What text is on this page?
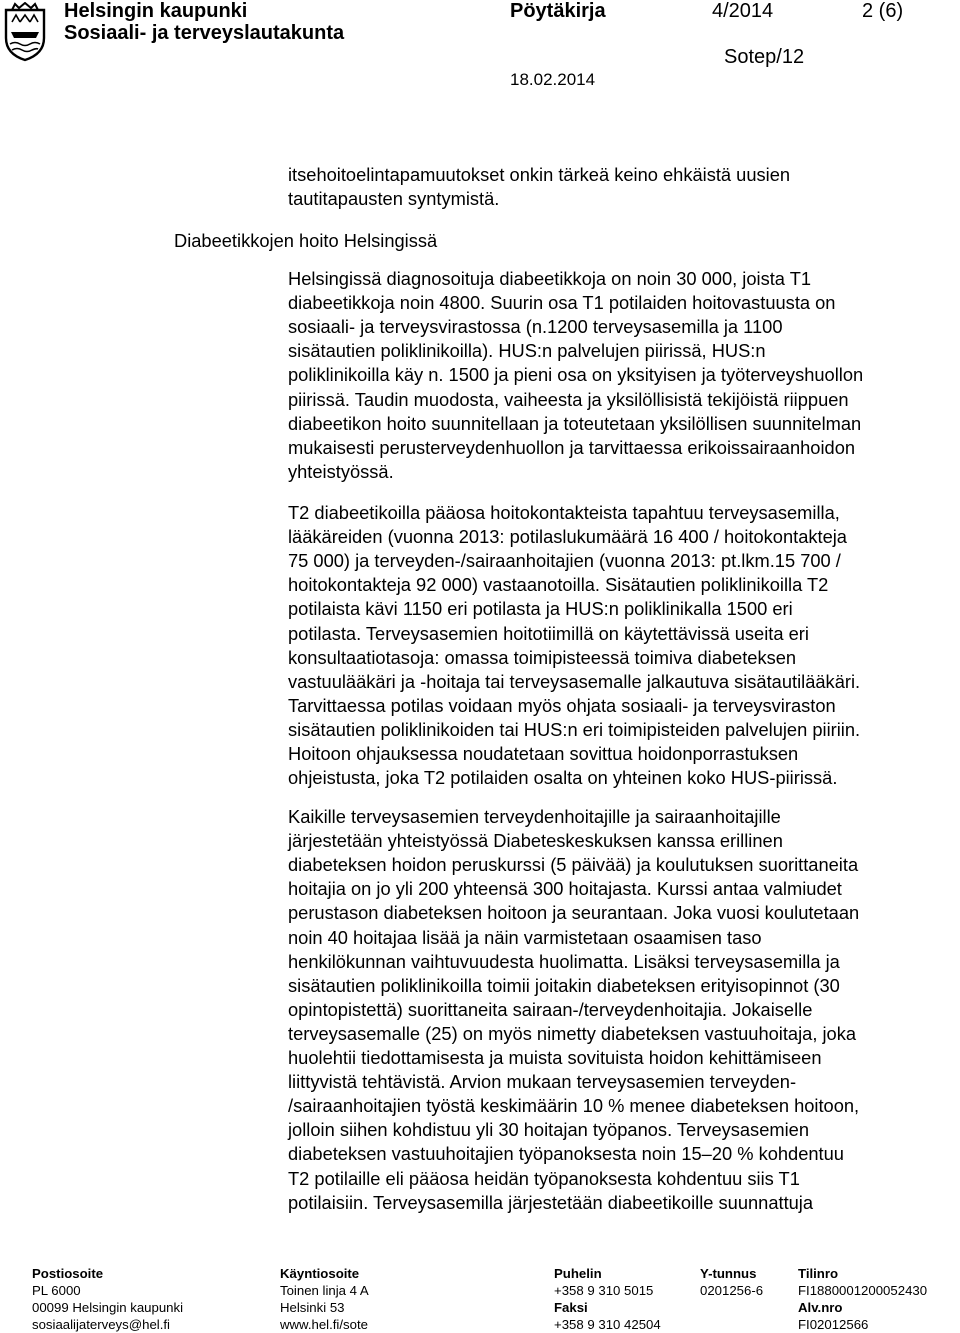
Helsingin kaupunki
Sosiaali- ja terveyslautakunta
Pöytäkirja	4/2014	2 (6)
Sotep/12
18.02.2014
itsehoitoelintapamuutokset onkin tärkeä keino ehkäistä uusien
tautitapausten syntymistä.
Diabeetikkojen hoito Helsingissä
Helsingissä diagnosoituja diabeetikkoja on noin 30 000, joista T1
diabeetikkoja noin 4800. Suurin osa T1 potilaiden hoitovastuusta on
sosiaali- ja terveysvirastossa (n.1200 terveysasemilla ja 1100
sisätautien poliklinikoilla). HUS:n palvelujen piirissä, HUS:n
poliklinikoilla käy n. 1500 ja pieni osa on yksityisen ja työterveyshuollon
piirissä. Taudin muodosta, vaiheesta ja yksilöllisistä tekijöistä riippuen
diabeetikon hoito suunnitellaan ja toteutetaan yksilöllisen suunnitelman
mukaisesti perusterveydenhuollon ja tarvittaessa erikoissairaanhoidon
yhteistyössä.
T2 diabeetikoilla pääosa hoitokontakteista tapahtuu terveysasemilla,
lääkäreiden (vuonna 2013: potilaslukumäärä 16 400 / hoitokontakteja
75 000) ja terveyden-/sairaanhoitajien (vuonna 2013: pt.lkm.15 700 /
hoitokontakteja 92 000) vastaanotoilla. Sisätautien poliklinikoilla T2
potilaista kävi 1150 eri potilasta ja HUS:n poliklinikalla 1500 eri
potilasta. Terveysasemien hoitotiimillä on käytettävissä useita eri
konsultaatiotasoja: omassa toimipisteessä toimiva diabeteksen
vastuulääkäri ja -hoitaja tai terveysasemalle jalkautuva sisätautilääkäri.
Tarvittaessa potilas voidaan myös ohjata sosiaali- ja terveysviraston
sisätautien poliklinikoiden tai HUS:n eri toimipisteiden palvelujen piiriin.
Hoitoon ohjauksessa noudatetaan sovittua hoidonporrastuksen
ohjeistusta, joka T2 potilaiden osalta on yhteinen koko HUS-piirissä.
Kaikille terveysasemien terveydenhoitajille ja sairaanhoitajille
järjestetään yhteistyössä Diabeteskeskuksen kanssa erillinen
diabeteksen hoidon peruskurssi (5 päivää) ja koulutuksen suorittaneita
hoitajia on jo yli 200 yhteensä 300 hoitajasta. Kurssi antaa valmiudet
perustason diabeteksen hoitoon ja seurantaan. Joka vuosi koulutetaan
noin 40 hoitajaa lisää ja näin varmistetaan osaamisen taso
henkilökunnan vaihtuvuudesta huolimatta. Lisäksi terveysasemilla ja
sisätautien poliklinikoilla toimii joitakin diabeteksen erityisopinnot (30
opintopistettä) suorittaneita sairaan-/terveydenhoitajia. Jokaiselle
terveysasemalle (25) on myös nimetty diabeteksen vastuuhoitaja, joka
huolehtii tiedottamisesta ja muista sovituista hoidon kehittämiseen
liittyvistä tehtävistä. Arvion mukaan terveysasemien terveyden-
/sairaanhoitajien työstä keskimäärin 10 % menee diabeteksen hoitoon,
jolloin siihen kohdistuu yli 30 hoitajan työpanos. Terveysasemien
diabeteksen vastuuhoitajien työpanoksesta noin 15–20 % kohdentuu
T2 potilaille eli pääosa heidän työpanoksesta kohdentuu siis T1
potilaisiin. Terveysasemilla järjestetään diabeetikoille suunnattuja
Postiosoite
PL 6000
00099 Helsingin kaupunki
sosiaalijaterveys@hel.fi
Käyntiosoite
Toinen linja 4 A
Helsinki 53
www.hel.fi/sote
Puhelin
+358 9 310 5015
Faksi
+358 9 310 42504
Y-tunnus
0201256-6
Tilinro
FI1880001200052430
Alv.nro
FI02012566
